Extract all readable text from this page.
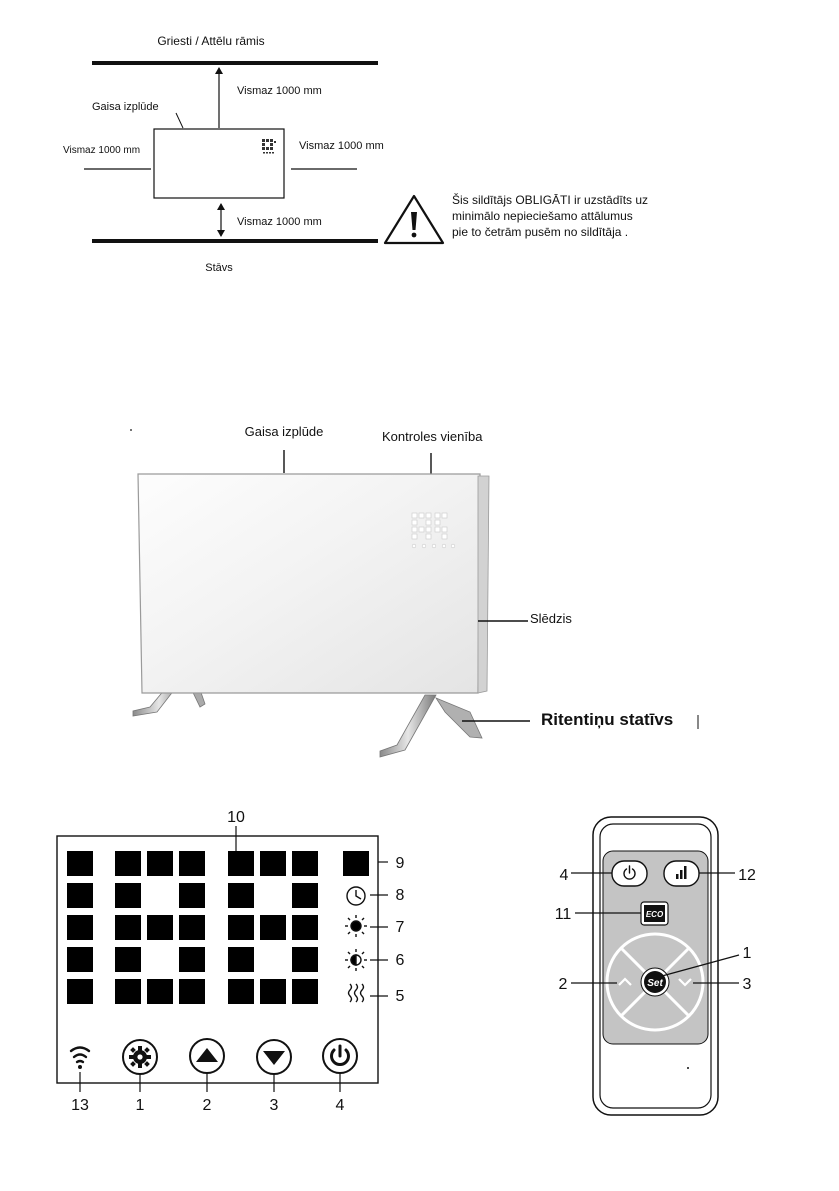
Griesti / Attēlu rāmis
Vismaz 1000 mm
Gaisa izplūde
Vismaz 1000 mm	Vismaz 1000 mm
Vismaz 1000 mm
Stāvs
Šis sildītājs OBLIGĀTI ir uzstādīts uz
minimālo nepieciešamo attālumus
pie to četrām pusēm no sildītāja .
Gaisa izplūde	Kontroles vienība
Slēdzis
Ritentiņu statīvs
10
9
8
7
6
5
13	1	2	3	4
ECO
Set
4	12
11
1
2	3
